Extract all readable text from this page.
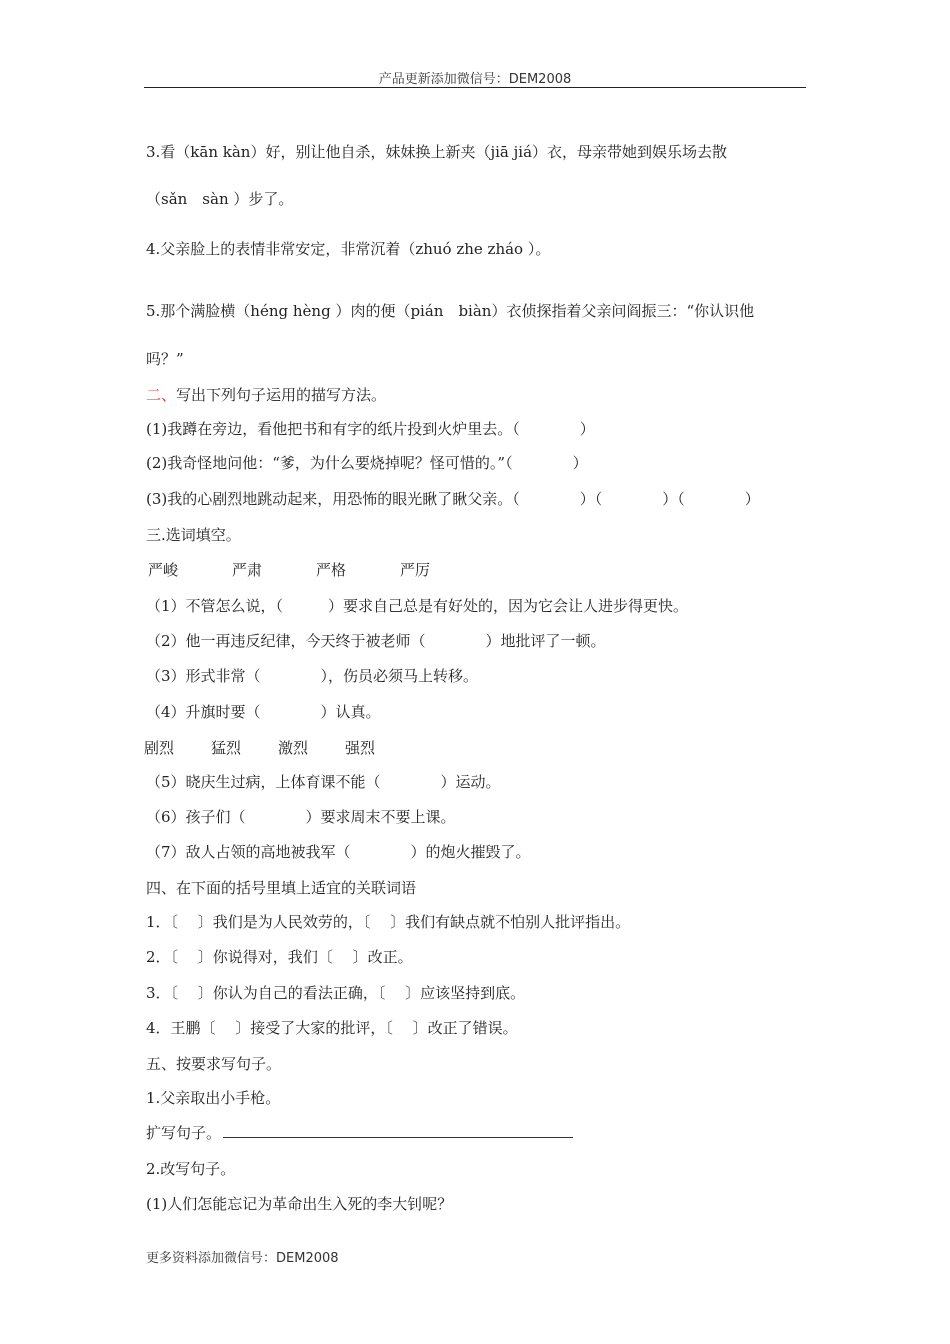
产品更新添加微信号：DEM2008
3.看（kān kàn）好，别让他自杀，妹妹换上新夹（jiā jiá）衣，母亲带她到娱乐场去散
（sǎn　sàn ）步了。
4.父亲脸上的表情非常安定，非常沉着（zhuó zhe zháo ）。
5.那个满脸横（héng hèng ）肉的便（pián　biàn）衣侦探指着父亲问阎振三：“你认识他
吗？”
二、写出下列句子运用的描写方法。
(1)我蹲在旁边，看他把书和有字的纸片投到火炉里去。（　　　　）
(2)我奇怪地问他：“爹，为什么要烧掉呢？怪可惜的。”（　　　　）
(3)我的心剧烈地跳动起来，用恐怖的眼光瞅了瞅父亲。（　　　　）（　　　　）（　　　　）
三.选词填空。
严峻	严肃	严格	严厉
（1）不管怎么说，（　　　）要求自己总是有好处的，因为它会让人进步得更快。
（2）他一再违反纪律，今天终于被老师（　　　　）地批评了一顿。
（3）形式非常（　　　　），伤员必须马上转移。
（4）升旗时要（　　　　）认真。
剧烈 猛烈 激烈 强烈
（5）晓庆生过病，上体育课不能（　　　　）运动。
（6）孩子们（　　　　）要求周末不要上课。
（7）敌人占领的高地被我军（　　　　）的炮火摧毁了。
四、在下面的括号里填上适宜的关联词语
1．〔　 〕我们是为人民效劳的，〔　 〕我们有缺点就不怕别人批评指出。
2．〔　 〕你说得对，我们〔　 〕改正。
3．〔　 〕你认为自己的看法正确，〔　 〕应该坚持到底。
4．王鹏〔　 〕接受了大家的批评，〔　 〕改正了错误。
五、按要求写句子。
1.父亲取出小手枪。
扩写句子。
2.改写句子。
(1)人们怎能忘记为革命出生入死的李大钊呢？
更多资料添加微信号：DEM2008
